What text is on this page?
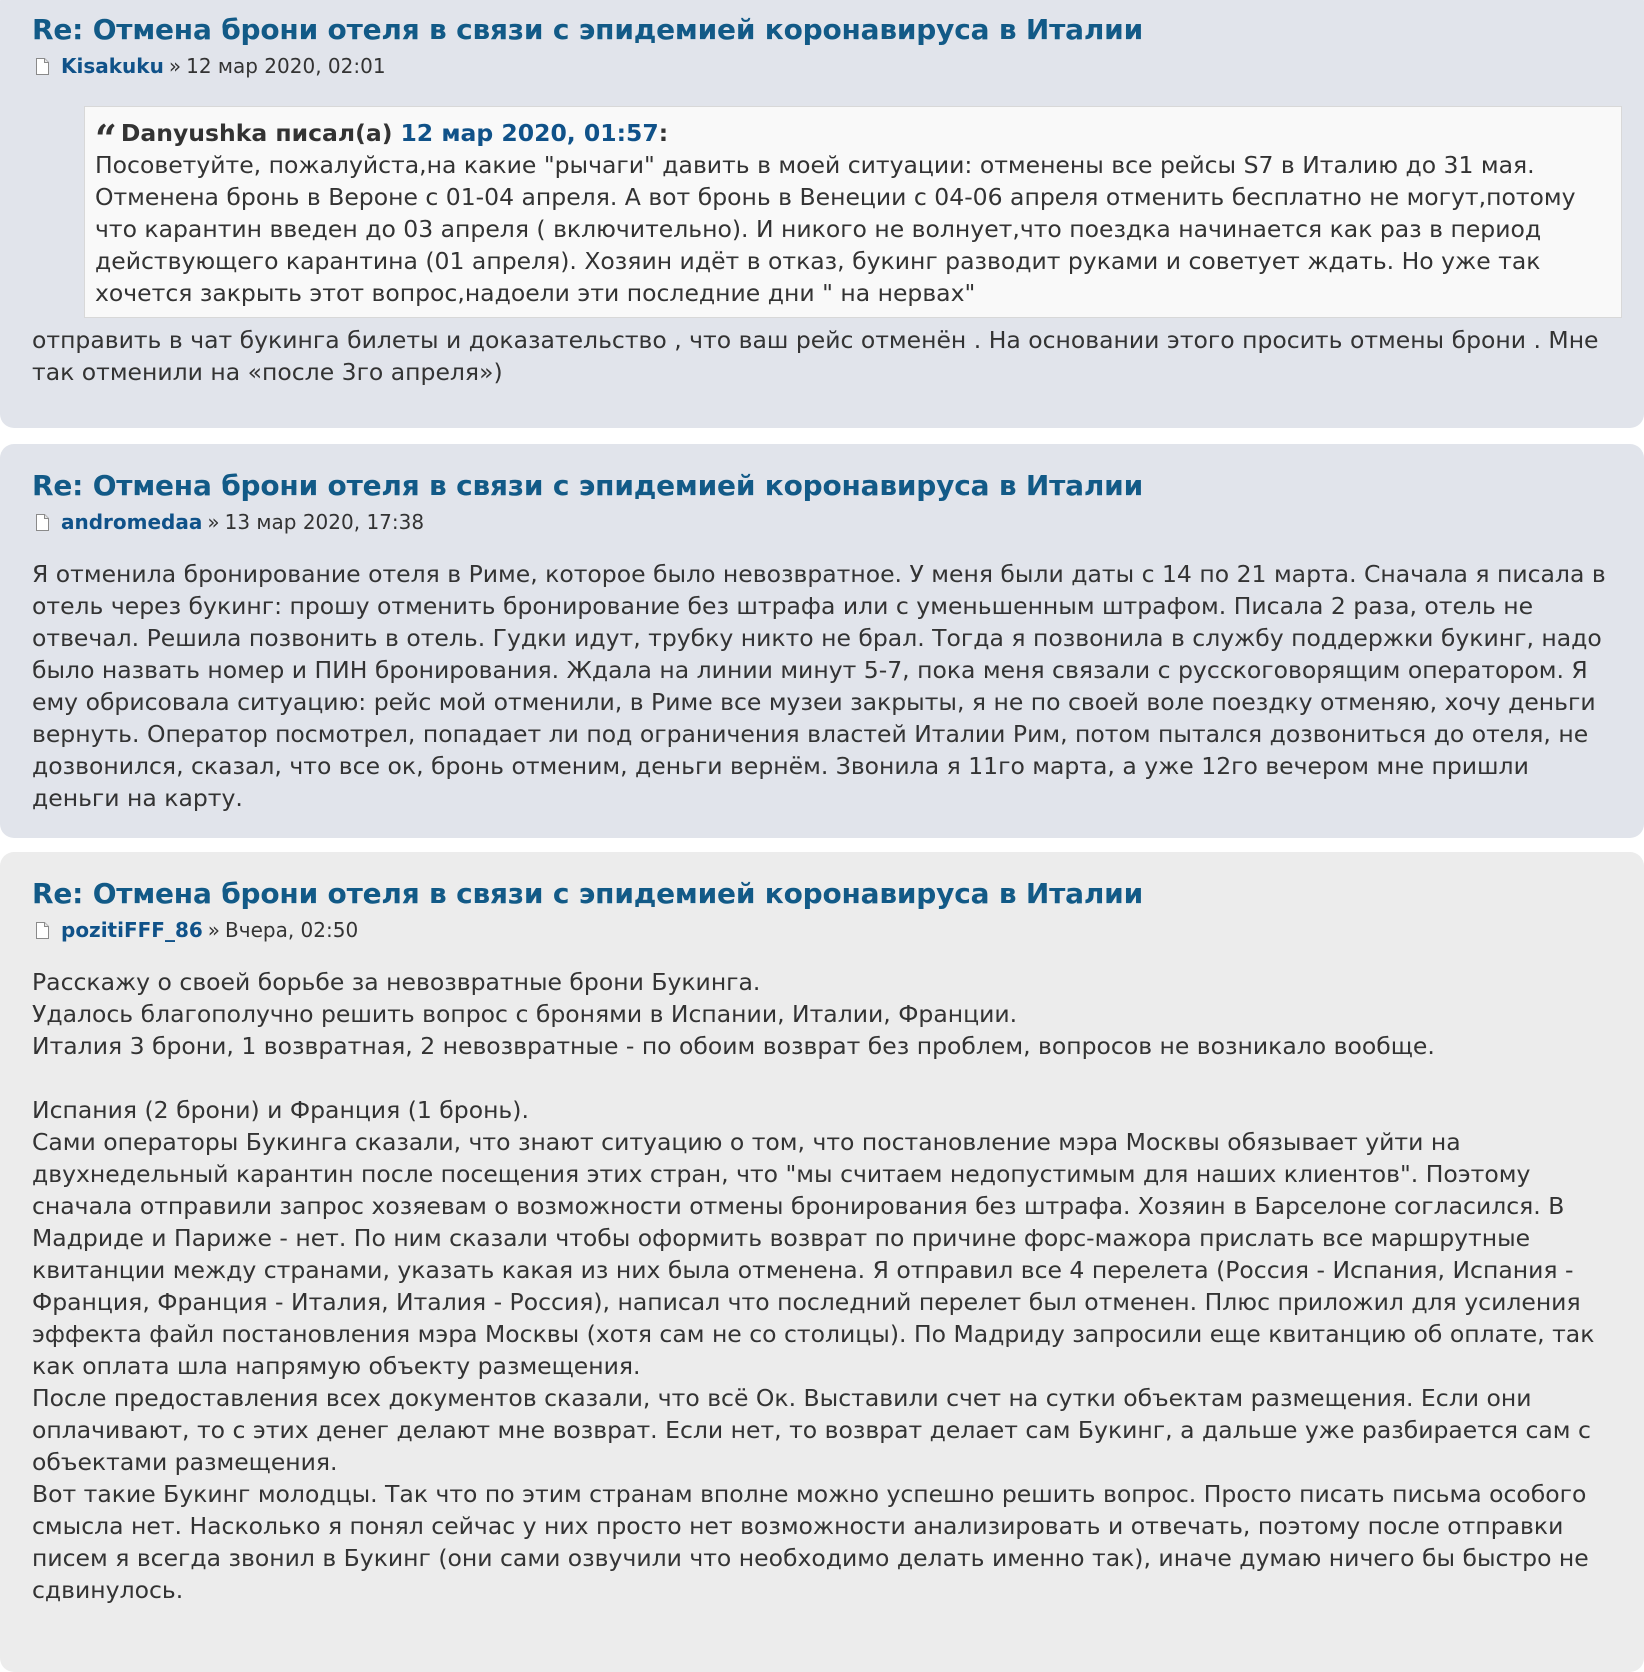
Re: Отмена брони отеля в связи с эпидемией коронавируса в Италии
Kisakuku » 12 мар 2020, 02:01
“ Danyushka писал(а) 12 мар 2020, 01:57 :

Посоветуйте, пожалуйста,на какие "рычаги" давить в моей ситуации: отменены все рейсы S7 в Италию до 31 мая. Отменена бронь в Вероне с 01-04 апреля. А вот бронь в Венеции с 04-06 апреля отменить бесплатно не могут,потому что карантин введен до 03 апреля ( включительно). И никого не волнует,что поездка начинается как раз в период действующего карантина (01 апреля). Хозяин идёт в отказ, букинг разводит руками и советует ждать. Но уже так хочется закрыть этот вопрос,надоели эти последние дни " на нервах"

отправить в чат букинга билеты и доказательство , что ваш рейс отменён . На основании этого просить отмены брони . Мне так отменили на «после 3го апреля»)

Re: Отмена брони отеля в связи с эпидемией коронавируса в Италии
andromedaa » 13 мар 2020, 17:38

Я отменила бронирование отеля в Риме, которое было невозвратное. У меня были даты с 14 по 21 марта. Сначала я писала в отель через букинг: прошу отменить бронирование без штрафа или с уменьшенным штрафом. Писала 2 раза, отель не отвечал. Решила позвонить в отель. Гудки идут, трубку никто не брал. Тогда я позвонила в службу поддержки букинг, надо было назвать номер и ПИН бронирования. Ждала на линии минут 5-7, пока меня связали с русскоговорящим оператором. Я ему обрисовала ситуацию: рейс мой отменили, в Риме все музеи закрыты, я не по своей воле поездку отменяю, хочу деньги вернуть. Оператор посмотрел, попадает ли под ограничения властей Италии Рим, потом пытался дозвониться до отеля, не дозвонился, сказал, что все ок, бронь отменим, деньги вернём. Звонила я 11го марта, а уже 12го вечером мне пришли деньги на карту.

Re: Отмена брони отеля в связи с эпидемией коронавируса в Италии
pozitiFFF_86 » Вчера, 02:50

Расскажу о своей борьбе за невозвратные брони Букинга.

Удалось благополучно решить вопрос с бронями в Испании, Италии, Франции.

Италия 3 брони, 1 возвратная, 2 невозвратные - по обоим возврат без проблем, вопросов не возникало вообще.

Испания (2 брони) и Франция (1 бронь).

Сами операторы Букинга сказали, что знают ситуацию о том, что постановление мэра Москвы обязывает уйти на двухнедельный карантин после посещения этих стран, что "мы считаем недопустимым для наших клиентов". Поэтому сначала отправили запрос хозяевам о возможности отмены бронирования без штрафа. Хозяин в Барселоне согласился. В Мадриде и Париже - нет. По ним сказали чтобы оформить возврат по причине форс-мажора прислать все маршрутные квитанции между странами, указать какая из них была отменена. Я отправил все 4 перелета (Россия - Испания, Испания - Франция, Франция - Италия, Италия - Россия), написал что последний перелет был отменен. Плюс приложил для усиления эффекта файл постановления мэра Москвы (хотя сам не со столицы). По Мадриду запросили еще квитанцию об оплате, так как оплата шла напрямую объекту размещения.

После предоставления всех документов сказали, что всё Ок. Выставили счет на сутки объектам размещения. Если они оплачивают, то с этих денег делают мне возврат. Если нет, то возврат делает сам Букинг, а дальше уже разбирается сам с объектами размещения.

Вот такие Букинг молодцы. Так что по этим странам вполне можно успешно решить вопрос. Просто писать письма особого смысла нет. Насколько я понял сейчас у них просто нет возможности анализировать и отвечать, поэтому после отправки писем я всегда звонил в Букинг (они сами озвучили что необходимо делать именно так), иначе думаю ничего бы быстро не сдвинулось.
